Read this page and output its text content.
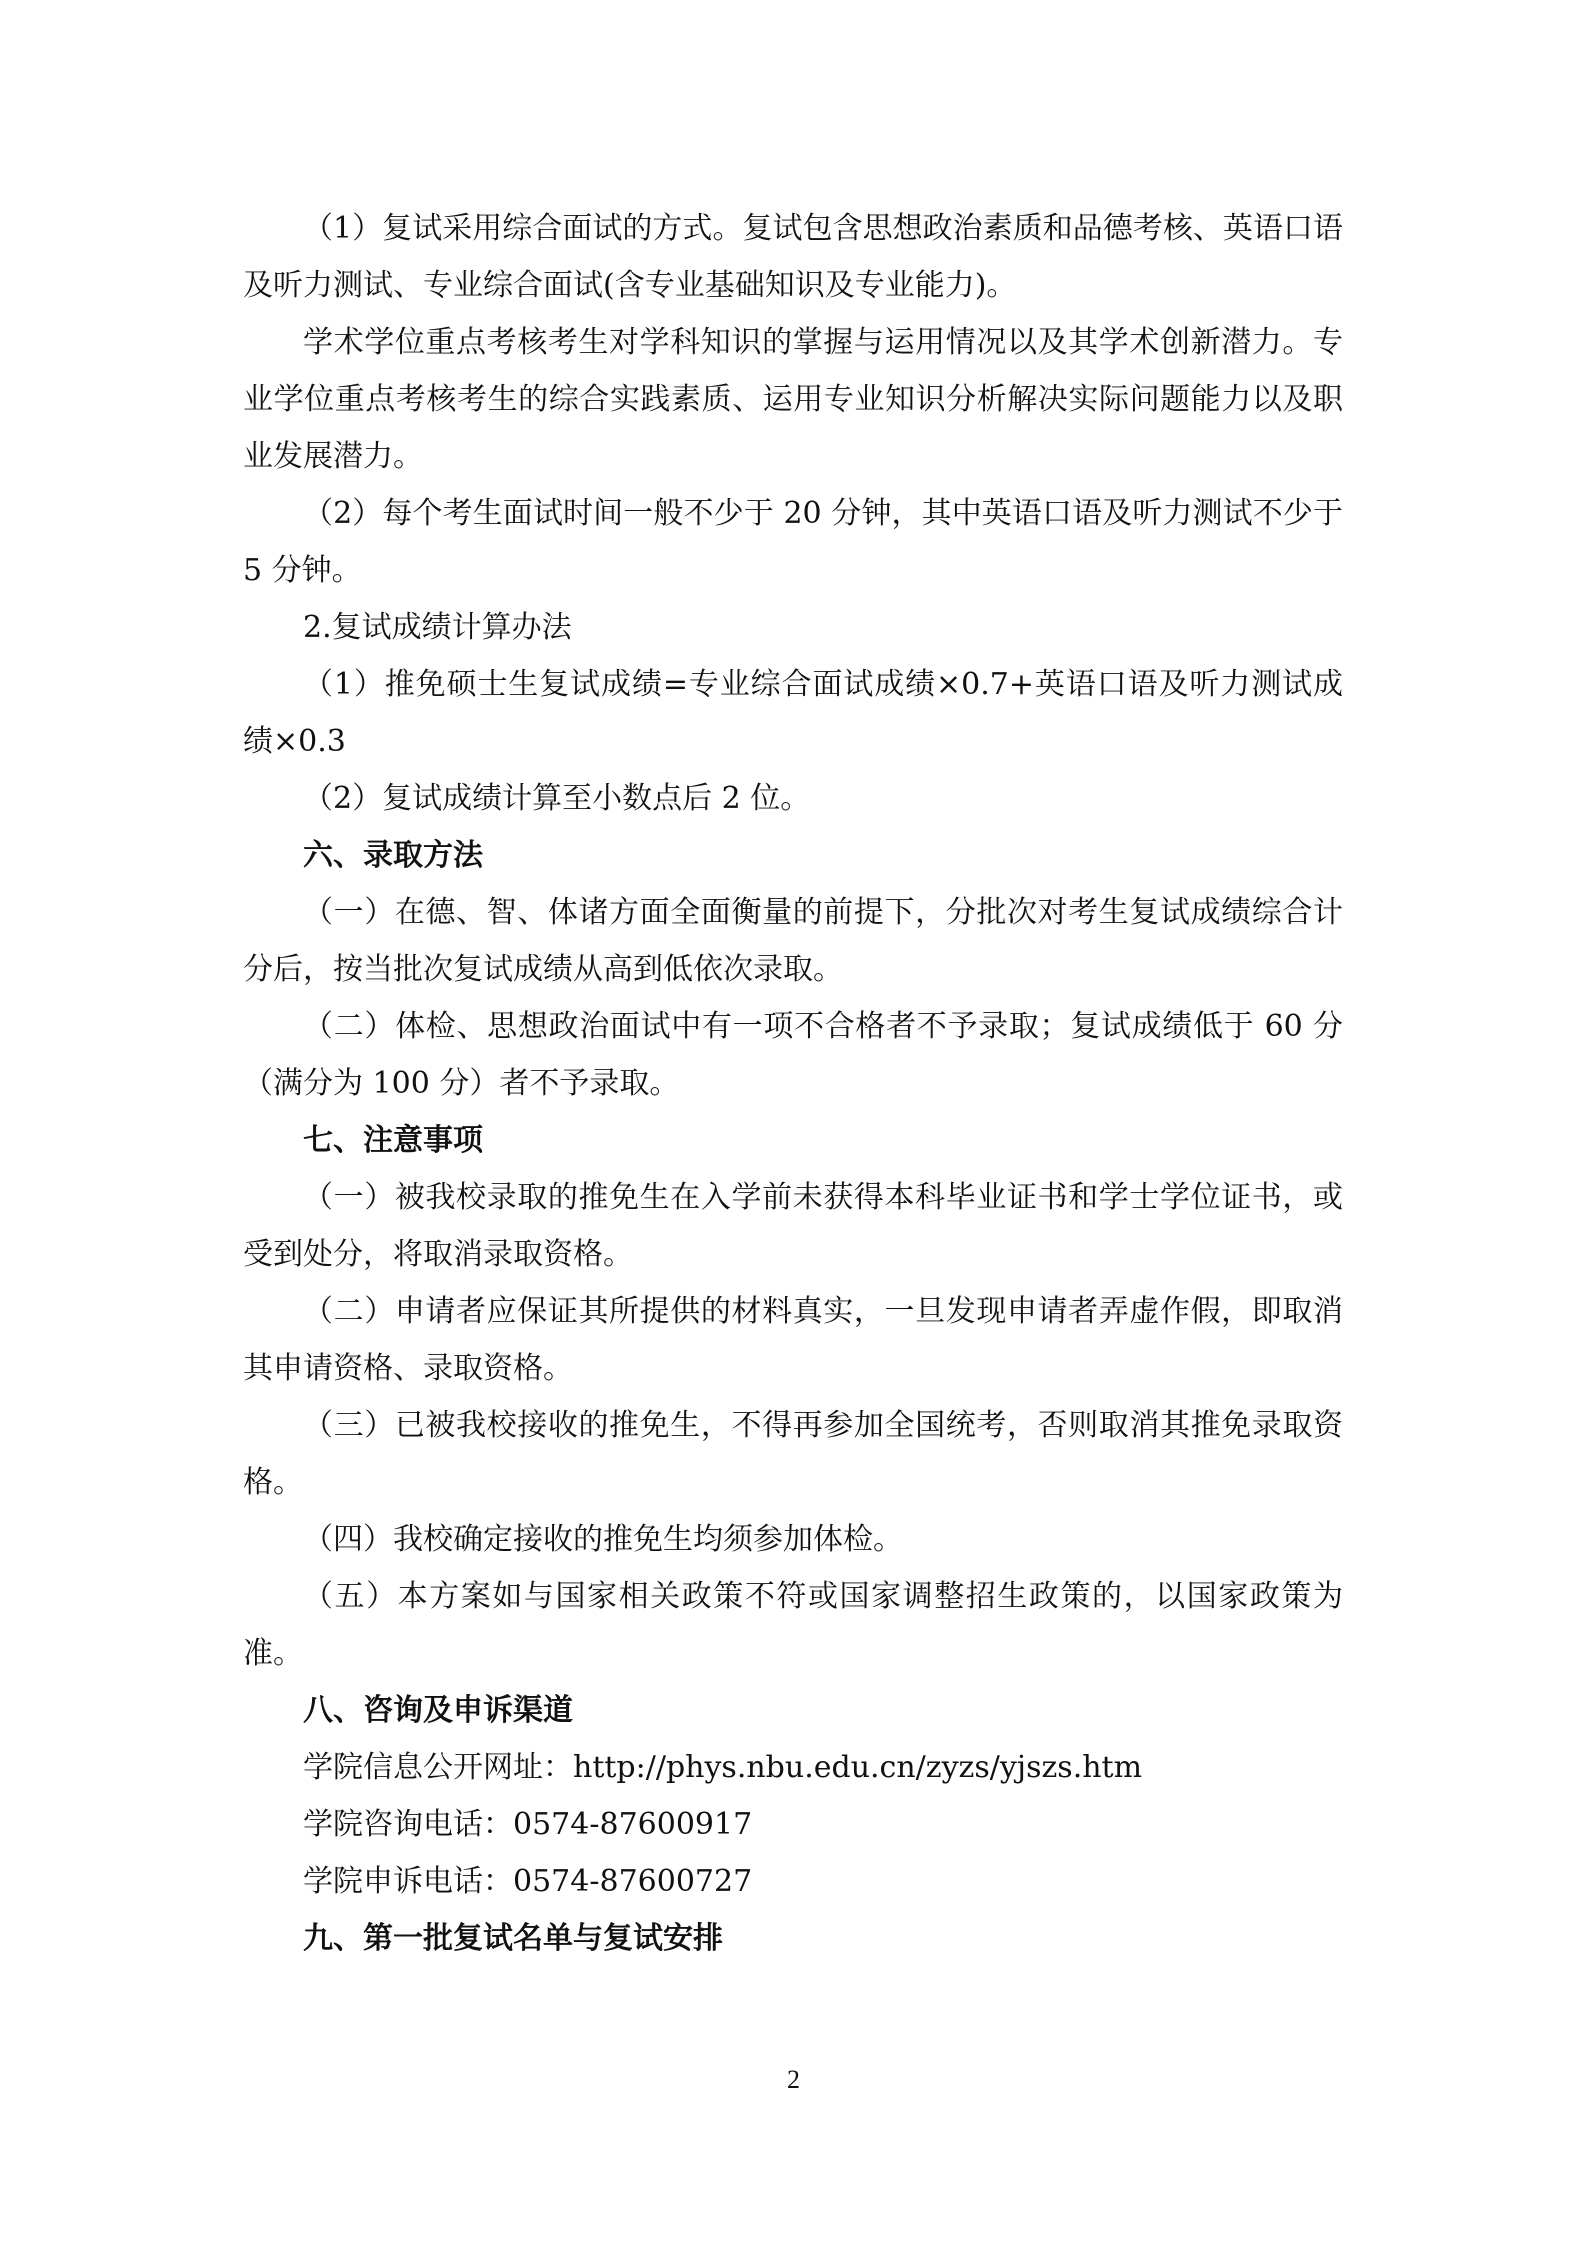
（1）复试采用综合面试的方式。复试包含思想政治素质和品德考核、英语口语及听力测试、专业综合面试(含专业基础知识及专业能力)。

学术学位重点考核考生对学科知识的掌握与运用情况以及其学术创新潜力。专业学位重点考核考生的综合实践素质、运用专业知识分析解决实际问题能力以及职业发展潜力。

（2）每个考生面试时间一般不少于 20 分钟，其中英语口语及听力测试不少于 5 分钟。

2.复试成绩计算办法

（1）推免硕士生复试成绩=专业综合面试成绩×0.7+英语口语及听力测试成绩×0.3

（2）复试成绩计算至小数点后 2 位。

六、录取方法

（一）在德、智、体诸方面全面衡量的前提下，分批次对考生复试成绩综合计分后，按当批次复试成绩从高到低依次录取。

（二）体检、思想政治面试中有一项不合格者不予录取；复试成绩低于 60 分（满分为 100 分）者不予录取。

七、注意事项

（一）被我校录取的推免生在入学前未获得本科毕业证书和学士学位证书，或受到处分，将取消录取资格。

（二）申请者应保证其所提供的材料真实，一旦发现申请者弄虚作假，即取消其申请资格、录取资格。

（三）已被我校接收的推免生，不得再参加全国统考，否则取消其推免录取资格。

（四）我校确定接收的推免生均须参加体检。

（五）本方案如与国家相关政策不符或国家调整招生政策的，以国家政策为准。

八、咨询及申诉渠道

学院信息公开网址：http://phys.nbu.edu.cn/zyzs/yjszs.htm

学院咨询电话：0574-87600917

学院申诉电话：0574-87600727

九、第一批复试名单与复试安排

2
